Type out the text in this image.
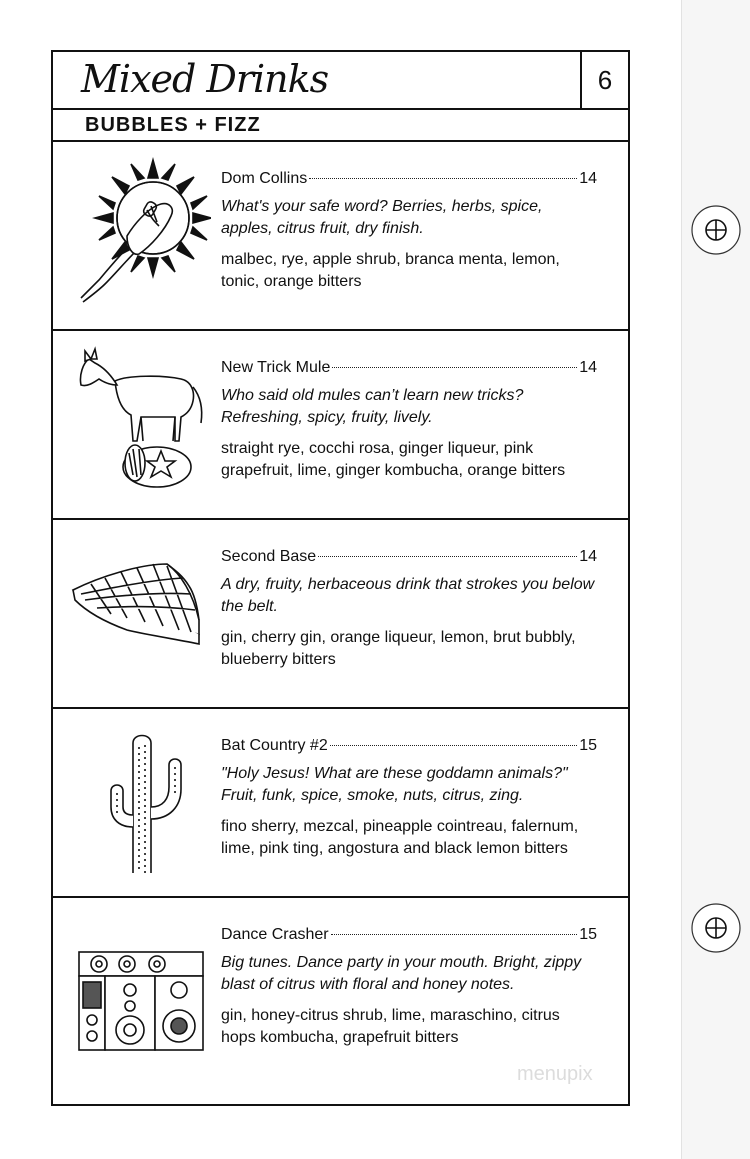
Mixed Drinks	6
BUBBLES + FIZZ
Dom Collins	14
What's your safe word? Berries, herbs, spice, apples, citrus fruit, dry finish.
malbec, rye, apple shrub, branca menta, lemon, tonic, orange bitters
New Trick Mule	14
Who said old mules can’t learn new tricks? Refreshing, spicy, fruity, lively.
straight rye, cocchi rosa, ginger liqueur, pink grapefruit, lime, ginger kombucha, orange bitters
Second Base	14
A dry, fruity, herbaceous drink that strokes you below the belt.
gin, cherry gin, orange liqueur, lemon, brut bubbly, blueberry bitters
Bat Country #2	15
"Holy Jesus! What are these goddamn animals?" Fruit, funk, spice, smoke, nuts, citrus, zing.
fino sherry, mezcal, pineapple cointreau, falernum, lime, pink ting, angostura and black lemon bitters
Dance Crasher	15
Big tunes. Dance party in your mouth. Bright, zippy blast of citrus with floral and honey notes.
gin, honey-citrus shrub, lime, maraschino, citrus hops kombucha, grapefruit bitters
menupix
